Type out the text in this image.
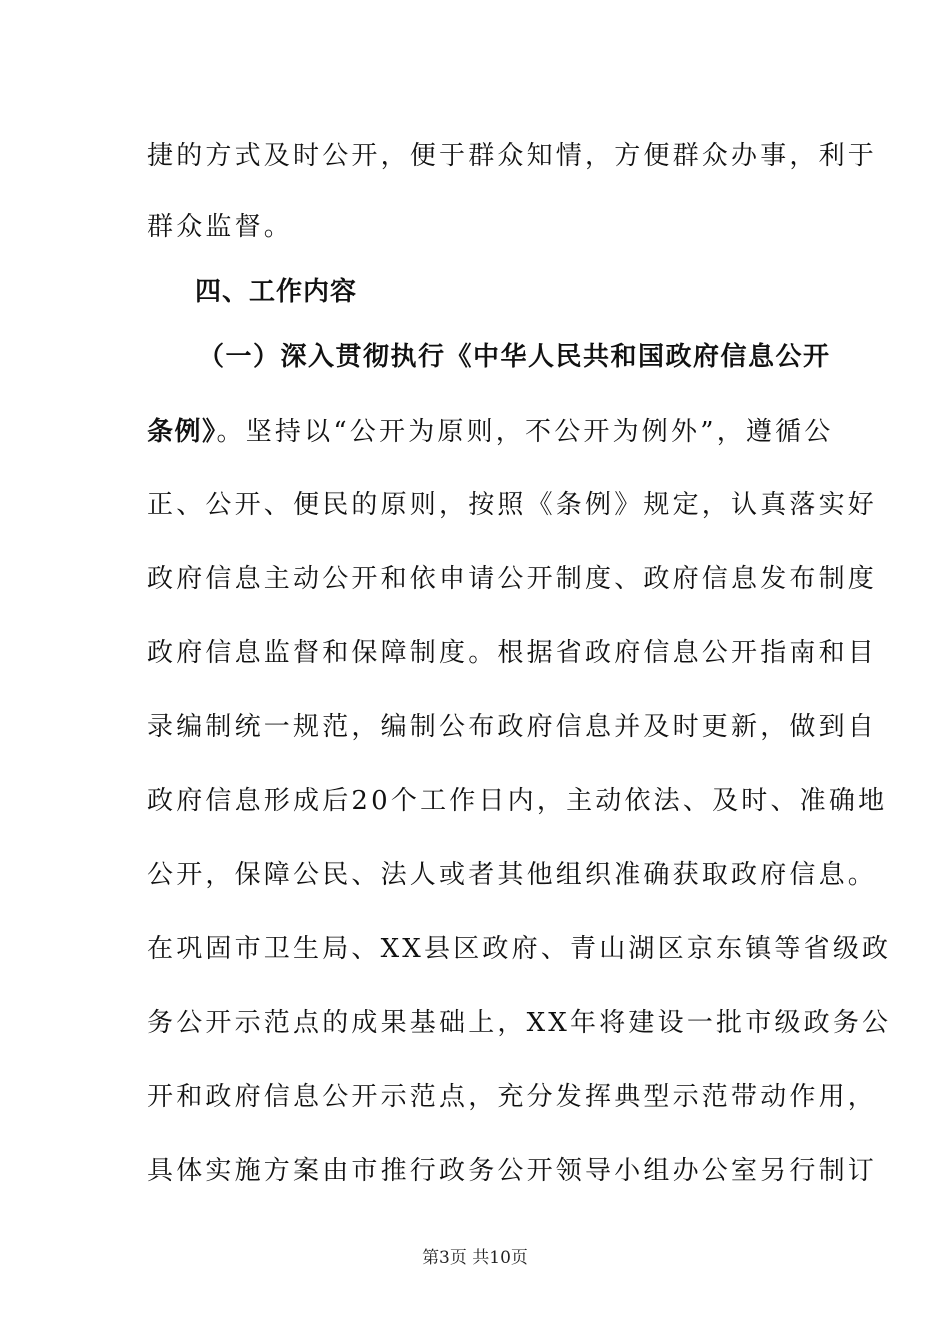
捷的方式及时公开，便于群众知情，方便群众办事，利于
群众监督。
四、工作内容
（一）深入贯彻执行《中华人民共和国政府信息公开
条例》。坚持以“公开为原则，不公开为例外”，遵循公
正、公开、便民的原则，按照《条例》规定，认真落实好
政府信息主动公开和依申请公开制度、政府信息发布制度
政府信息监督和保障制度。根据省政府信息公开指南和目
录编制统一规范，编制公布政府信息并及时更新，做到自
政府信息形成后20个工作日内，主动依法、及时、准确地
公开，保障公民、法人或者其他组织准确获取政府信息。
在巩固市卫生局、XX县区政府、青山湖区京东镇等省级政
务公开示范点的成果基础上，XX年将建设一批市级政务公
开和政府信息公开示范点，充分发挥典型示范带动作用，
具体实施方案由市推行政务公开领导小组办公室另行制订
第3页 共10页
